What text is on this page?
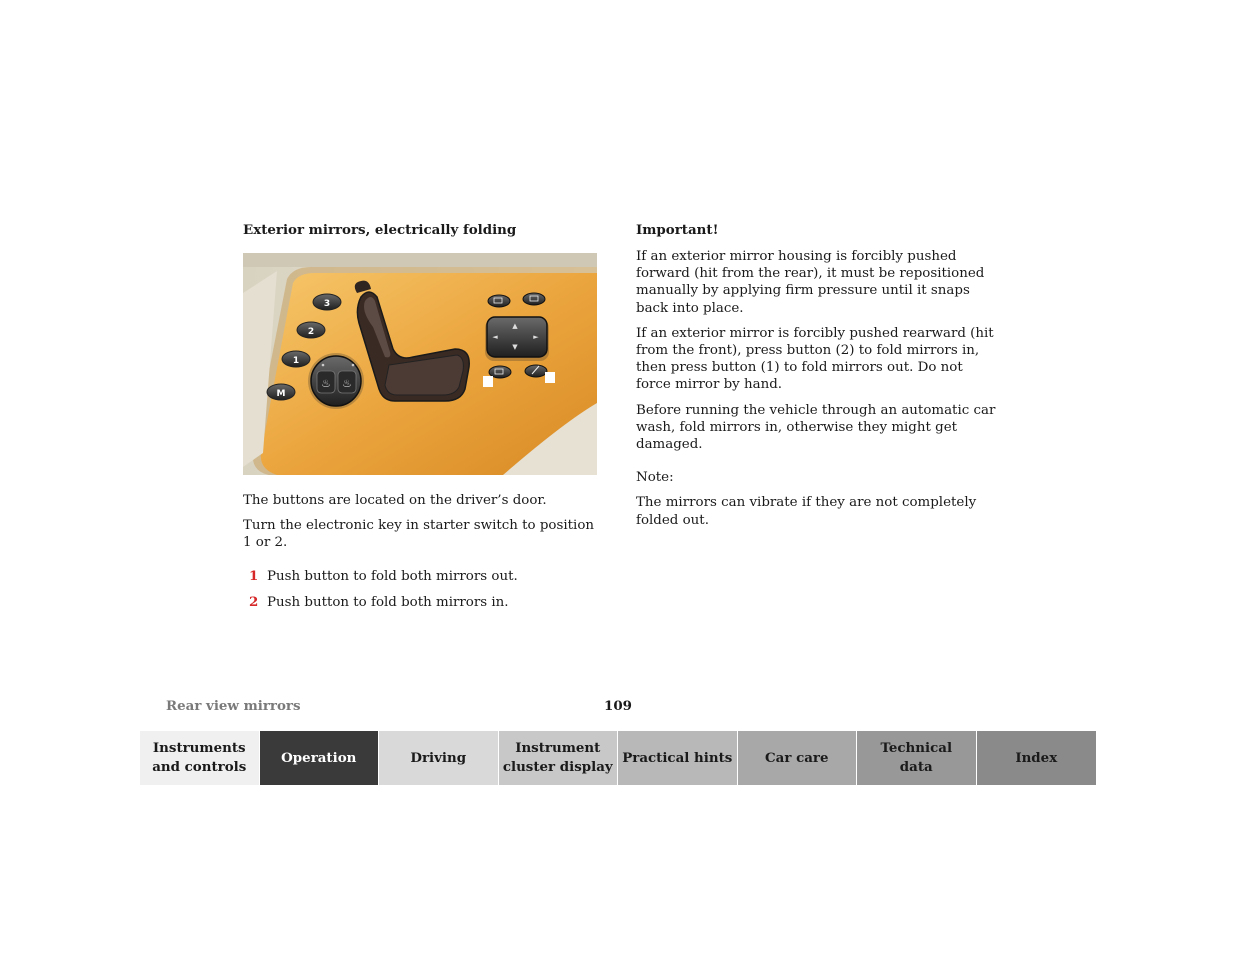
Exterior mirrors, electrically folding
3
2
1
M
♨ ♨
▲
▼
◄	►

The buttons are located on the driver’s door.

Turn the electronic key in starter switch to position 1 or 2.

1 Push button to fold both mirrors out.
2 Push button to fold both mirrors in.
Important!

If an exterior mirror housing is forcibly pushed forward (hit from the rear), it must be repositioned manually by applying firm pressure until it snaps back into place.

If an exterior mirror is forcibly pushed rearward (hit from the front), press button (2) to fold mirrors in, then press button (1) to fold mirrors out. Do not force mirror by hand.

Before running the vehicle through an automatic car wash, fold mirrors in, otherwise they might get damaged.

Note:

The mirrors can vibrate if they are not completely folded out.

Rear view mirrors	109
Instruments
and controls
Operation	Driving
Instrument
cluster display
Practical hints	Car care
Technical
data
Index
